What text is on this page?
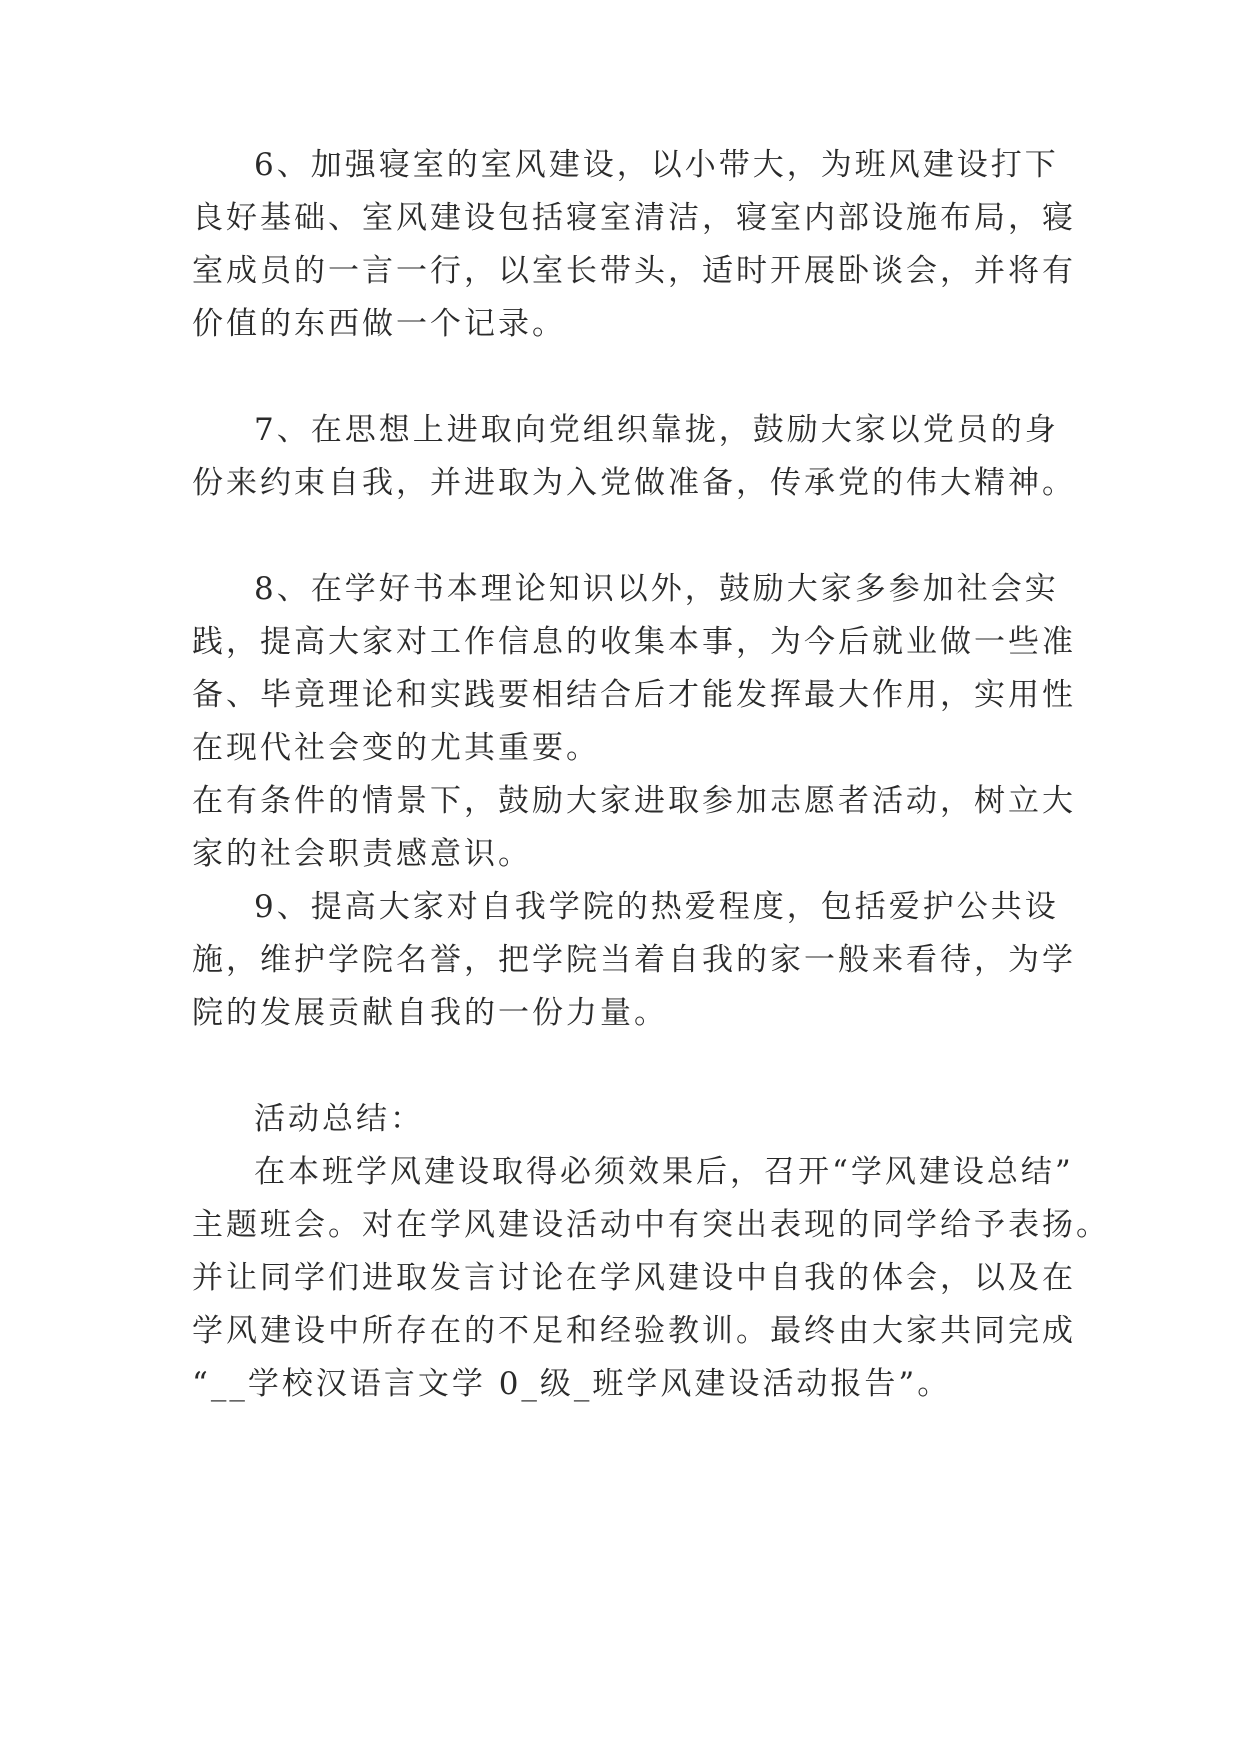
6、加强寝室的室风建设，以小带大，为班风建设打下

良好基础、室风建设包括寝室清洁，寝室内部设施布局，寝

室成员的一言一行，以室长带头，适时开展卧谈会，并将有

价值的东西做一个记录。

7、在思想上进取向党组织靠拢，鼓励大家以党员的身

份来约束自我，并进取为入党做准备，传承党的伟大精神。

8、在学好书本理论知识以外，鼓励大家多参加社会实

践，提高大家对工作信息的收集本事，为今后就业做一些准

备、毕竟理论和实践要相结合后才能发挥最大作用，实用性

在现代社会变的尤其重要。

在有条件的情景下，鼓励大家进取参加志愿者活动，树立大

家的社会职责感意识。

9、提高大家对自我学院的热爱程度，包括爱护公共设

施，维护学院名誉，把学院当着自我的家一般来看待，为学

院的发展贡献自我的一份力量。

活动总结：

在本班学风建设取得必须效果后，召开“学风建设总结”

主题班会。对在学风建设活动中有突出表现的同学给予表扬。

并让同学们进取发言讨论在学风建设中自我的体会，以及在

学风建设中所存在的不足和经验教训。最终由大家共同完成

“__学校汉语言文学 0_级_班学风建设活动报告”。
